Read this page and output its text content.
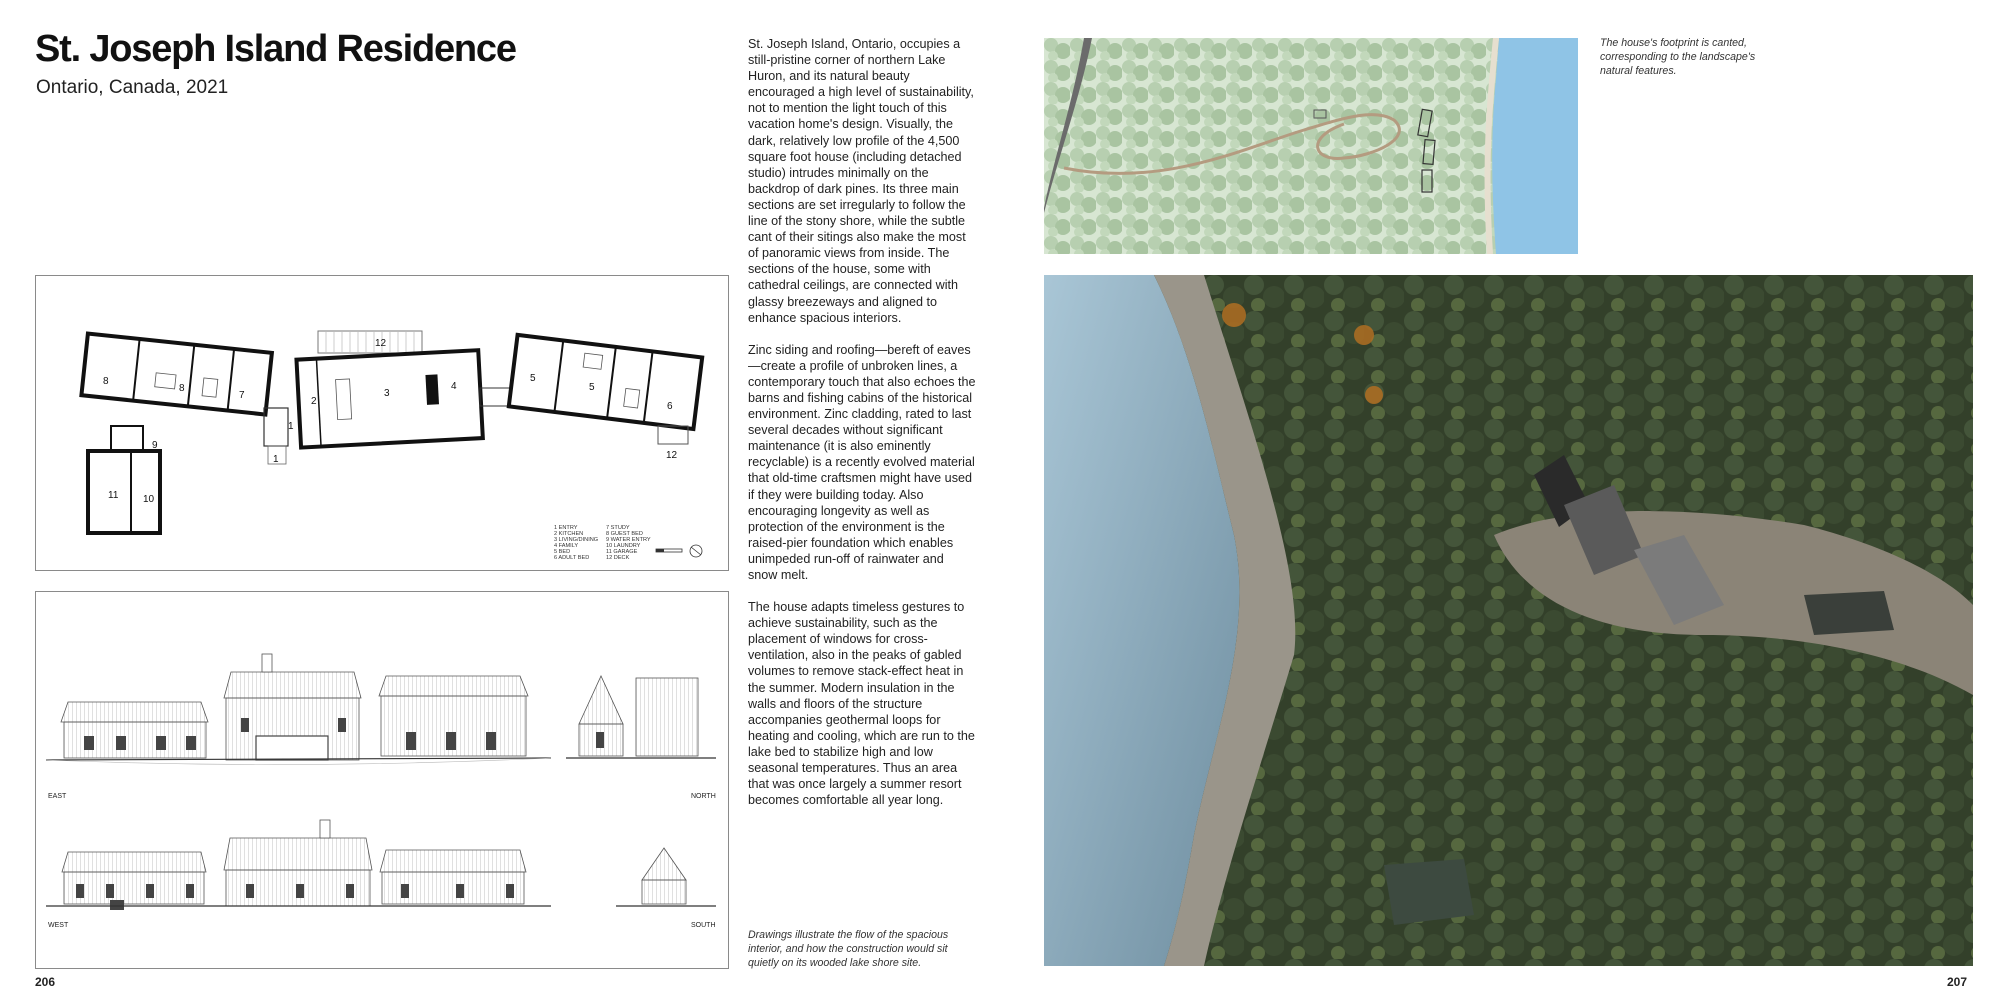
St. Joseph Island Residence
Ontario, Canada, 2021
8
8
7
9
11 10
1
2
3
4
12
5
5
6
12
1
1 ENTRY
2 KITCHEN
3 LIVING/DINING
4 FAMILY
5 BED
6 ADULT BED
7 STUDY
8 GUEST BED
9 WATER ENTRY
10 LAUNDRY
11 GARAGE
12 DECK
EAST	NORTH
WEST	SOUTH

St. Joseph Island, Ontario, occupies a still-pristine corner of northern Lake Huron, and its natural beauty encouraged a high level of sustainability, not to mention the light touch of this vacation home's design. Visually, the dark, relatively low profile of the 4,500 square foot house (including detached studio) intrudes minimally on the backdrop of dark pines. Its three main sections are set irregularly to follow the line of the stony shore, while the subtle cant of their sitings also make the most of panoramic views from inside. The sections of the house, some with cathedral ceilings, are connected with glassy breezeways and aligned to enhance spacious interiors.

Zinc siding and roofing—bereft of eaves—create a profile of unbroken lines, a contemporary touch that also echoes the barns and fishing cabins of the historical environment. Zinc cladding, rated to last several decades without significant maintenance (it is also eminently recyclable) is a recently evolved material that old-time craftsmen might have used if they were building today. Also encouraging longevity as well as protection of the environment is the raised-pier foundation which enables unimpeded run-off of rainwater and snow melt.

The house adapts timeless gestures to achieve sustainability, such as the placement of windows for cross-ventilation, also in the peaks of gabled volumes to remove stack-effect heat in the summer. Modern insulation in the walls and floors of the structure accompanies geothermal loops for heating and cooling, which are run to the lake bed to stabilize high and low seasonal temperatures. Thus an area that was once largely a summer resort becomes comfortable all year long.

Drawings illustrate the flow of the spacious interior, and how the construction would sit quietly on its wooded lake shore site.
206
The house's footprint is canted, corresponding to the landscape's natural features.
207
